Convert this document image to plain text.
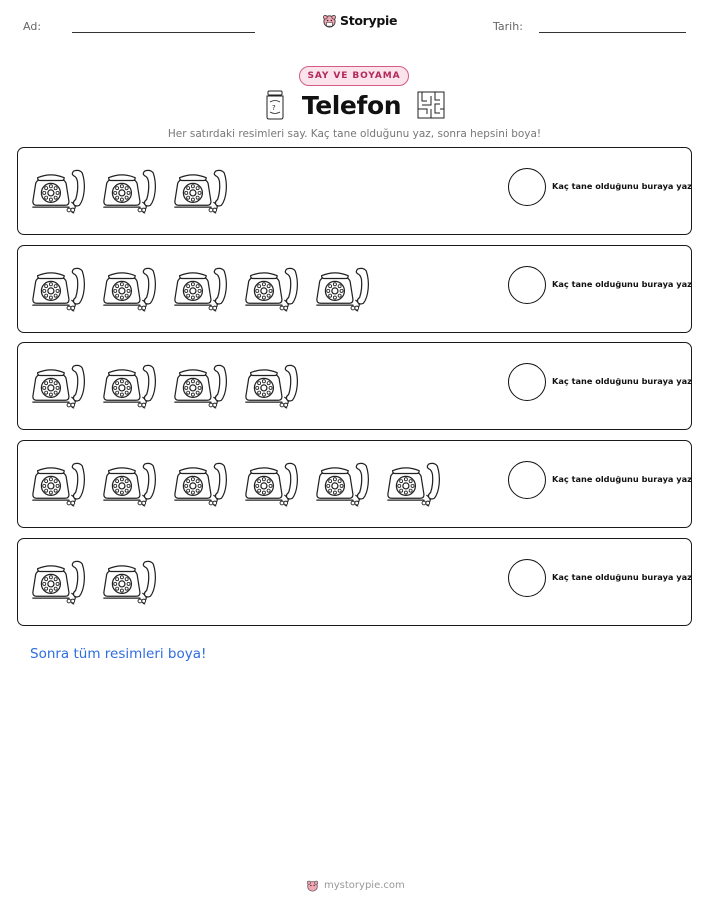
Ad:	Storypie	Tarih:
SAY VE BOYAMA
? Telefon
Her satırdaki resimleri say. Kaç tane olduğunu yaz, sonra hepsini boya!
Kaç tane olduğunu buraya yaz
Kaç tane olduğunu buraya yaz
Kaç tane olduğunu buraya yaz
Kaç tane olduğunu buraya yaz
Kaç tane olduğunu buraya yaz
Sonra tüm resimleri boya!
mystorypie.com
